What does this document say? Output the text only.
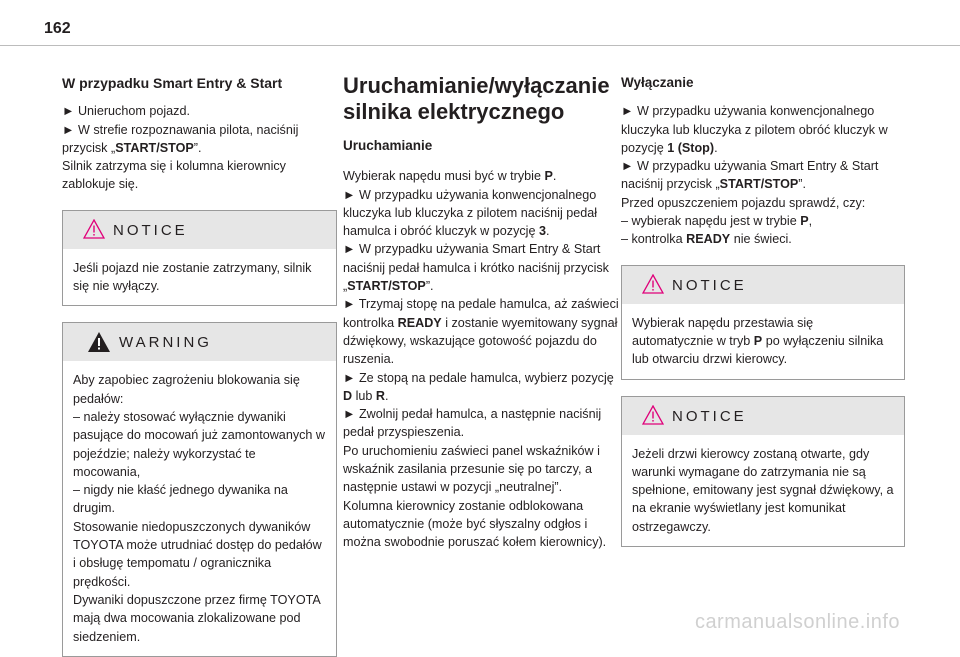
162
W przypadku Smart Entry & Start

► Unieruchom pojazd.
► W strefie rozpoznawania pilota, naciśnij przycisk „START/STOP”.
Silnik zatrzyma się i kolumna kierownicy zablokuje się.

NOTICE

Jeśli pojazd nie zostanie zatrzymany, silnik się nie wyłączy.

WARNING

Aby zapobiec zagrożeniu blokowania się pedałów:
– należy stosować wyłącznie dywaniki pasujące do mocowań już zamontowanych w pojeździe; należy wykorzystać te mocowania,
– nigdy nie kłaść jednego dywanika na drugim.
Stosowanie niedopuszczonych dywaników TOYOTA może utrudniać dostęp do pedałów i obsługę tempomatu / ogranicznika prędkości.
Dywaniki dopuszczone przez firmę TOYOTA mają dwa mocowania zlokalizowane pod siedzeniem.

Uruchamianie/wyłączanie silnika elektrycznego
Uruchamianie

Wybierak napędu musi być w trybie P.
► W przypadku używania konwencjonalnego kluczyka lub kluczyka z pilotem naciśnij pedał hamulca i obróć kluczyk w pozycję 3.
► W przypadku używania Smart Entry & Start naciśnij pedał hamulca i krótko naciśnij przycisk „START/STOP”.
► Trzymaj stopę na pedale hamulca, aż zaświeci kontrolka READY i zostanie wyemitowany sygnał dźwiękowy, wskazujące gotowość pojazdu do ruszenia.
► Ze stopą na pedale hamulca, wybierz pozycję D lub R.
► Zwolnij pedał hamulca, a następnie naciśnij pedał przyspieszenia.
Po uruchomieniu zaświeci panel wskaźników i wskaźnik zasilania przesunie się po tarczy, a następnie ustawi w pozycji „neutralnej”.
Kolumna kierownicy zostanie odblokowana automatycznie (może być słyszalny odgłos i można swobodnie poruszać kołem kierownicy).

Wyłączanie

► W przypadku używania konwencjonalnego kluczyka lub kluczyka z pilotem obróć kluczyk w pozycję 1 (Stop).
► W przypadku używania Smart Entry & Start naciśnij przycisk „START/STOP”.
Przed opuszczeniem pojazdu sprawdź, czy:
– wybierak napędu jest w trybie P,
– kontrolka READY nie świeci.

NOTICE

Wybierak napędu przestawia się automatycznie w tryb P po wyłączeniu silnika lub otwarciu drzwi kierowcy.

NOTICE

Jeżeli drzwi kierowcy zostaną otwarte, gdy warunki wymagane do zatrzymania nie są spełnione, emitowany jest sygnał dźwiękowy, a na ekranie wyświetlany jest komunikat ostrzegawczy.

carmanualsonline.info
